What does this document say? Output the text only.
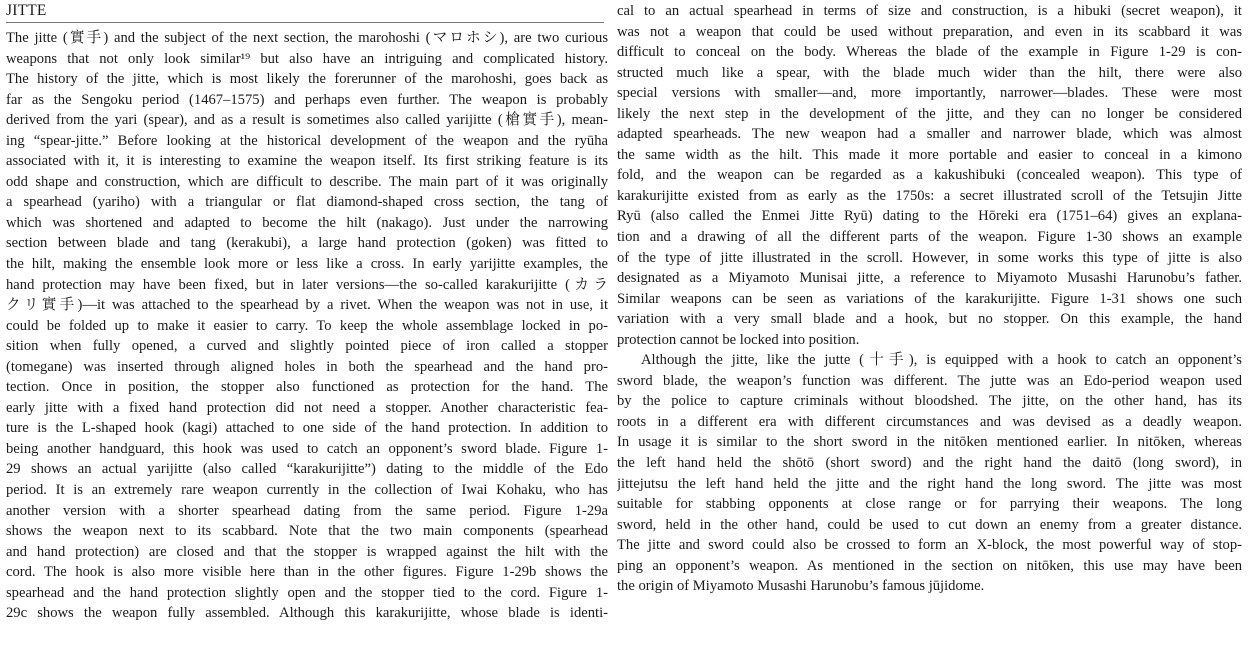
JITTE
The jitte (實手) and the subject of the next section, the marohoshi (マロホシ), are two curious
weapons that not only look similar¹⁹ but also have an intriguing and complicated history.
The history of the jitte, which is most likely the forerunner of the marohoshi, goes back as
far as the Sengoku period (1467–1575) and perhaps even further. The weapon is probably
derived from the yari (spear), and as a result is sometimes also called yarijitte (槍實手), mean-
ing “spear-jitte.” Before looking at the historical development of the weapon and the ryūha
associated with it, it is interesting to examine the weapon itself. Its first striking feature is its
odd shape and construction, which are difficult to describe. The main part of it was originally
a spearhead (yariho) with a triangular or flat diamond-shaped cross section, the tang of
which was shortened and adapted to become the hilt (nakago). Just under the narrowing
section between blade and tang (kerakubi), a large hand protection (goken) was fitted to
the hilt, making the ensemble look more or less like a cross. In early yarijitte examples, the
hand protection may have been fixed, but in later versions—the so-called karakurijitte (カラ
クリ實手)—it was attached to the spearhead by a rivet. When the weapon was not in use, it
could be folded up to make it easier to carry. To keep the whole assemblage locked in po-
sition when fully opened, a curved and slightly pointed piece of iron called a stopper
(tomegane) was inserted through aligned holes in both the spearhead and the hand pro-
tection. Once in position, the stopper also functioned as protection for the hand. The
early jitte with a fixed hand protection did not need a stopper. Another characteristic fea-
ture is the L-shaped hook (kagi) attached to one side of the hand protection. In addition to
being another handguard, this hook was used to catch an opponent’s sword blade. Figure 1-
29 shows an actual yarijitte (also called “karakurijitte”) dating to the middle of the Edo
period. It is an extremely rare weapon currently in the collection of Iwai Kohaku, who has
another version with a shorter spearhead dating from the same period. Figure 1-29a
shows the weapon next to its scabbard. Note that the two main components (spearhead
and hand protection) are closed and that the stopper is wrapped against the hilt with the
cord. The hook is also more visible here than in the other figures. Figure 1-29b shows the
spearhead and the hand protection slightly open and the stopper tied to the cord. Figure 1-
29c shows the weapon fully assembled. Although this karakurijitte, whose blade is identi-
cal to an actual spearhead in terms of size and construction, is a hibuki (secret weapon), it
was not a weapon that could be used without preparation, and even in its scabbard it was
difficult to conceal on the body. Whereas the blade of the example in Figure 1-29 is con-
structed much like a spear, with the blade much wider than the hilt, there were also
special versions with smaller—and, more importantly, narrower—blades. These were most
likely the next step in the development of the jitte, and they can no longer be considered
adapted spearheads. The new weapon had a smaller and narrower blade, which was almost
the same width as the hilt. This made it more portable and easier to conceal in a kimono
fold, and the weapon can be regarded as a kakushibuki (concealed weapon). This type of
karakurijitte existed from as early as the 1750s: a secret illustrated scroll of the Tetsujin Jitte
Ryū (also called the Enmei Jitte Ryū) dating to the Hōreki era (1751–64) gives an explana-
tion and a drawing of all the different parts of the weapon. Figure 1-30 shows an example
of the type of jitte illustrated in the scroll. However, in some works this type of jitte is also
designated as a Miyamoto Munisai jitte, a reference to Miyamoto Musashi Harunobu’s father.
Similar weapons can be seen as variations of the karakurijitte. Figure 1-31 shows one such
variation with a very small blade and a hook, but no stopper. On this example, the hand
protection cannot be locked into position.
Although the jitte, like the jutte (十手), is equipped with a hook to catch an opponent’s
sword blade, the weapon’s function was different. The jutte was an Edo-period weapon used
by the police to capture criminals without bloodshed. The jitte, on the other hand, has its
roots in a different era with different circumstances and was devised as a deadly weapon.
In usage it is similar to the short sword in the nitōken mentioned earlier. In nitōken, whereas
the left hand held the shōtō (short sword) and the right hand the daitō (long sword), in
jittejutsu the left hand held the jitte and the right hand the long sword. The jitte was most
suitable for stabbing opponents at close range or for parrying their weapons. The long
sword, held in the other hand, could be used to cut down an enemy from a greater distance.
The jitte and sword could also be crossed to form an X-block, the most powerful way of stop-
ping an opponent’s weapon. As mentioned in the section on nitōken, this use may have been
the origin of Miyamoto Musashi Harunobu’s famous jūjidome.
